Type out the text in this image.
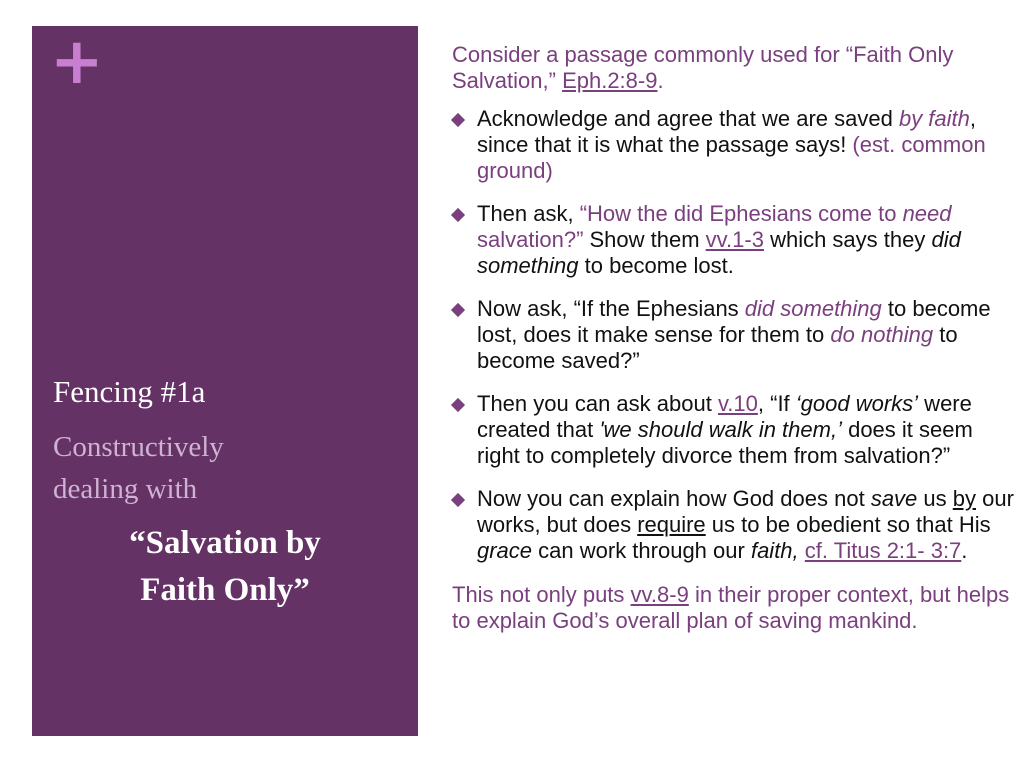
+
Fencing #1a

Constructively
dealing with

“Salvation by
Faith Only”

Consider a passage commonly used for “Faith Only Salvation,” Eph.2:8-9.

Acknowledge and agree that we are saved by faith, since that it is what the passage says! (est. common ground)
Then ask, “How the did Ephesians come to need salvation?” Show them vv.1-3 which says they did something to become lost.
Now ask, “If the Ephesians did something to become lost, does it make sense for them to do nothing to become saved?”
Then you can ask about v.10, “If ‘good works’ were created that 'we should walk in them,’ does it seem right to completely divorce them from salvation?”
Now you can explain how God does not save us by our works, but does require us to be obedient so that His grace can work through our faith, cf. Titus 2:1- 3:7.

This not only puts vv.8-9 in their proper context, but helps to explain God’s overall plan of saving mankind.
